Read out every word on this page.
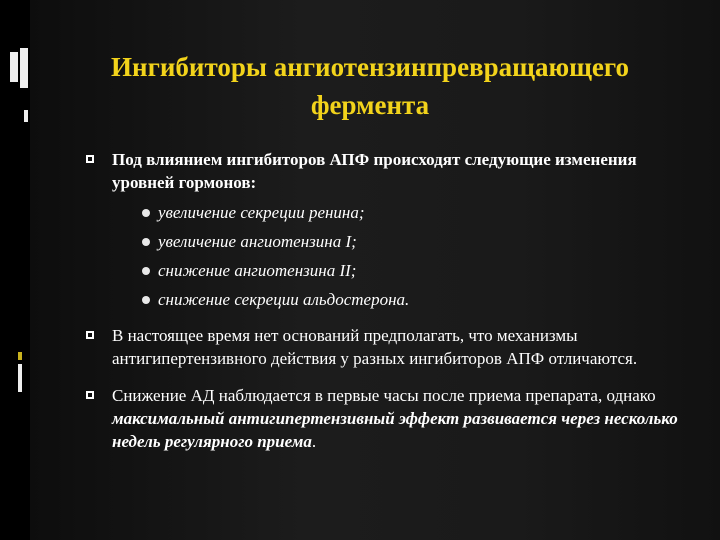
Ингибиторы ангиотензинпревращающего
фермента
Под влиянием ингибиторов АПФ происходят следующие изменения уровней гормонов:
увеличение секреции ренина;
увеличение ангиотензина I;
снижение ангиотензина II;
снижение секреции альдостерона.
В настоящее время нет оснований предполагать, что механизмы антигипертензивного действия у разных ингибиторов АПФ отличаются.
Снижение АД наблюдается в первые часы после приема препарата, однако максимальный антигипертензивный эффект развивается через несколько недель регулярного приема.
